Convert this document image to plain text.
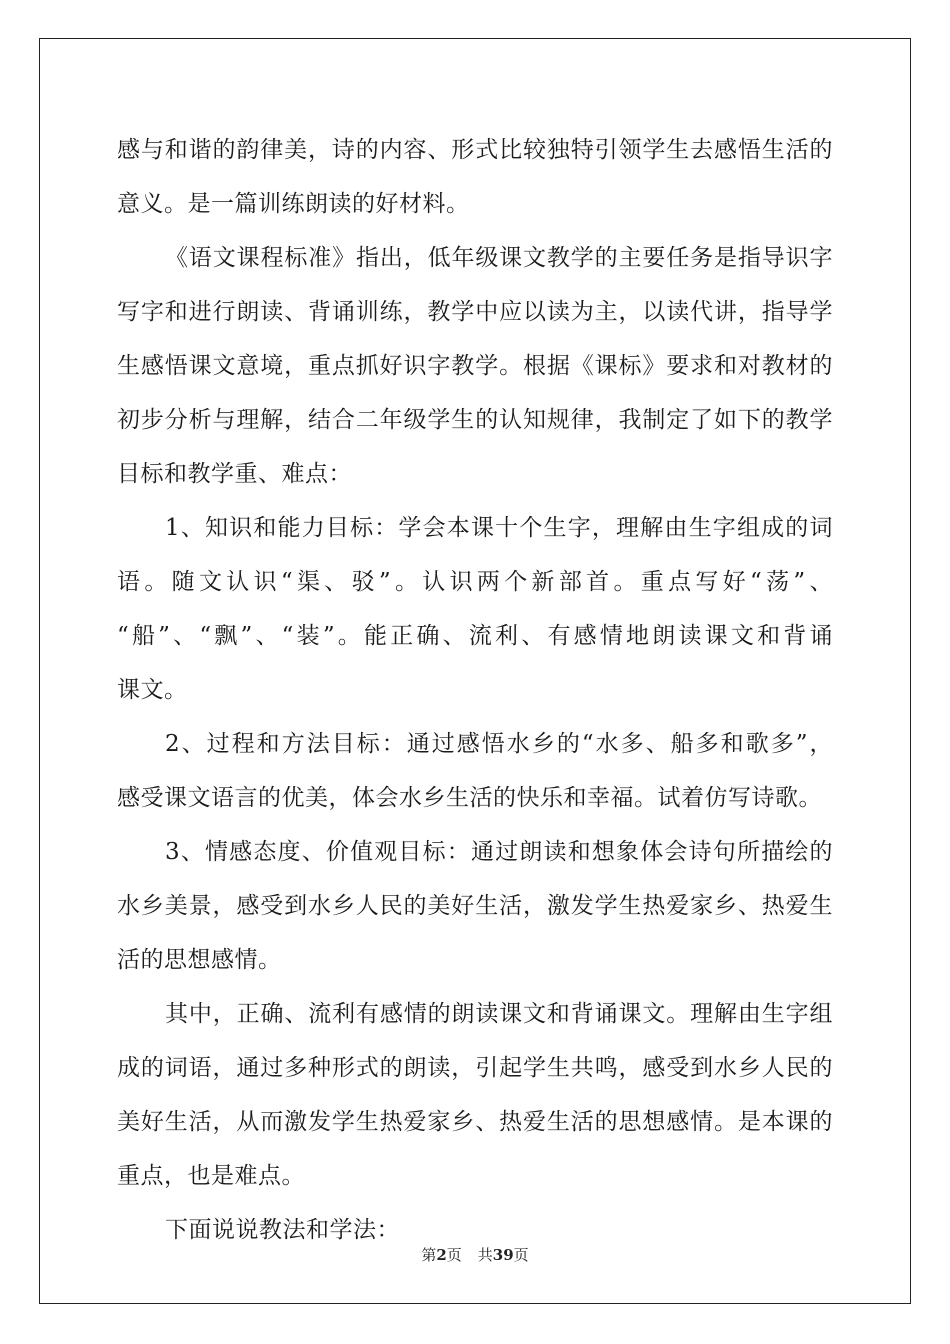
感与和谐的韵律美，诗的内容、形式比较独特引领学生去感悟生活的
意义。是一篇训练朗读的好材料。
《语文课程标准》指出，低年级课文教学的主要任务是指导识字
写字和进行朗读、背诵训练，教学中应以读为主，以读代讲，指导学
生感悟课文意境，重点抓好识字教学。根据《课标》要求和对教材的
初步分析与理解，结合二年级学生的认知规律，我制定了如下的教学
目标和教学重、难点：
1、知识和能力目标：学会本课十个生字，理解由生字组成的词
语。随文认识“渠、驳”。认识两个新部首。重点写好“荡”、
“船”、“飘”、“装”。能正确、流利、有感情地朗读课文和背诵
课文。
2、过程和方法目标：通过感悟水乡的“水多、船多和歌多”，
感受课文语言的优美，体会水乡生活的快乐和幸福。试着仿写诗歌。
3、情感态度、价值观目标：通过朗读和想象体会诗句所描绘的
水乡美景，感受到水乡人民的美好生活，激发学生热爱家乡、热爱生
活的思想感情。
其中，正确、流利有感情的朗读课文和背诵课文。理解由生字组
成的词语，通过多种形式的朗读，引起学生共鸣，感受到水乡人民的
美好生活，从而激发学生热爱家乡、热爱生活的思想感情。是本课的
重点，也是难点。
下面说说教法和学法：
第2页 共39页
